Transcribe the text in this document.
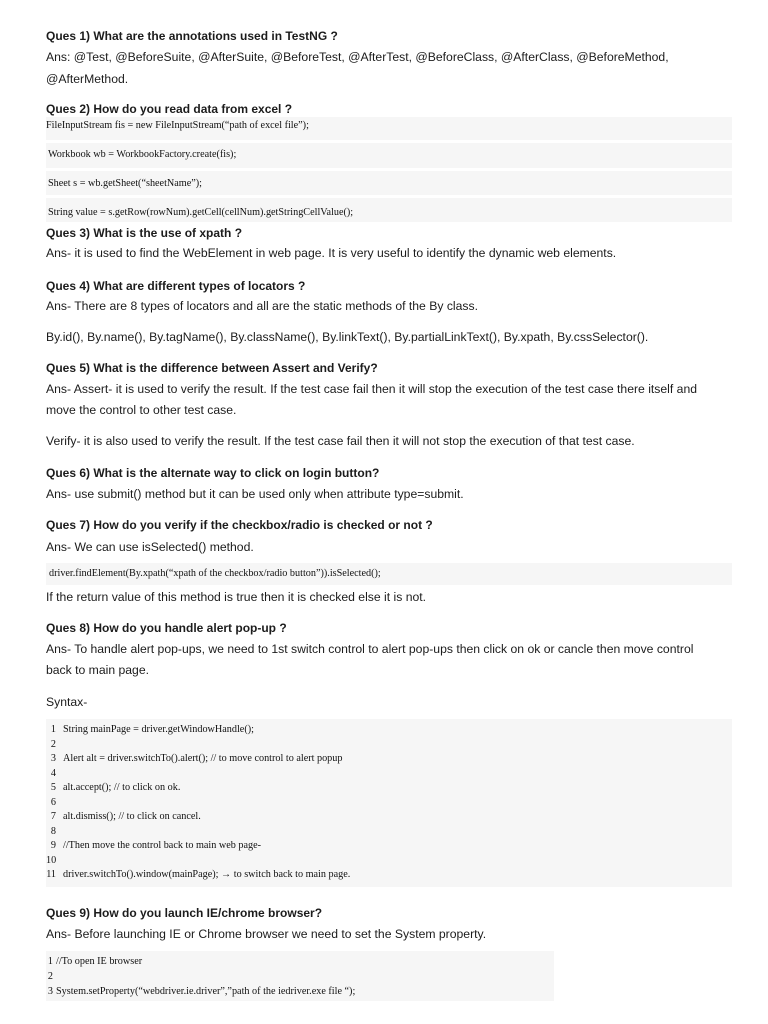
Ques 1) What are the annotations used in TestNG ?
Ans: @Test, @BeforeSuite, @AfterSuite, @BeforeTest, @AfterTest, @BeforeClass, @AfterClass, @BeforeMethod,
@AfterMethod.
Ques 2) How do you read data from excel ?
FileInputStream fis = new FileInputStream(“path of excel file”);
Workbook wb = WorkbookFactory.create(fis);
Sheet s = wb.getSheet(“sheetName”);
String value = s.getRow(rowNum).getCell(cellNum).getStringCellValue();
Ques 3) What is the use of xpath ?
Ans- it is used to find the WebElement in web page. It is very useful to identify the dynamic web elements.
Ques 4) What are different types of locators ?
Ans- There are 8 types of locators and all are the static methods of the By class.
By.id(), By.name(), By.tagName(), By.className(), By.linkText(), By.partialLinkText(), By.xpath, By.cssSelector().
Ques 5) What is the difference between Assert and Verify?
Ans- Assert- it is used to verify the result. If the test case fail then it will stop the execution of the test case there itself and
move the control to other test case.
Verify- it is also used to verify the result. If the test case fail then it will not stop the execution of that test case.
Ques 6) What is the alternate way to click on login button?
Ans- use submit() method but it can be used only when attribute type=submit.
Ques 7) How do you verify if the checkbox/radio is checked or not ?
Ans- We can use isSelected() method.
driver.findElement(By.xpath(“xpath of the checkbox/radio button”)).isSelected();
If the return value of this method is true then it is checked else it is not.
Ques 8) How do you handle alert pop-up ?
Ans- To handle alert pop-ups, we need to 1st switch control to alert pop-ups then click on ok or cancle then move control
back to main page.
Syntax-
1 String mainPage = driver.getWindowHandle();
2
3 Alert alt = driver.switchTo().alert(); // to move control to alert popup
4
5 alt.accept(); // to click on ok.
6
7 alt.dismiss(); // to click on cancel.
8
9 //Then move the control back to main web page-
10
11 driver.switchTo().window(mainPage); → to switch back to main page.
Ques 9) How do you launch IE/chrome browser?
Ans- Before launching IE or Chrome browser we need to set the System property.
1 //To open IE browser
2
3 System.setProperty(“webdriver.ie.driver”,”path of the iedriver.exe file “);
